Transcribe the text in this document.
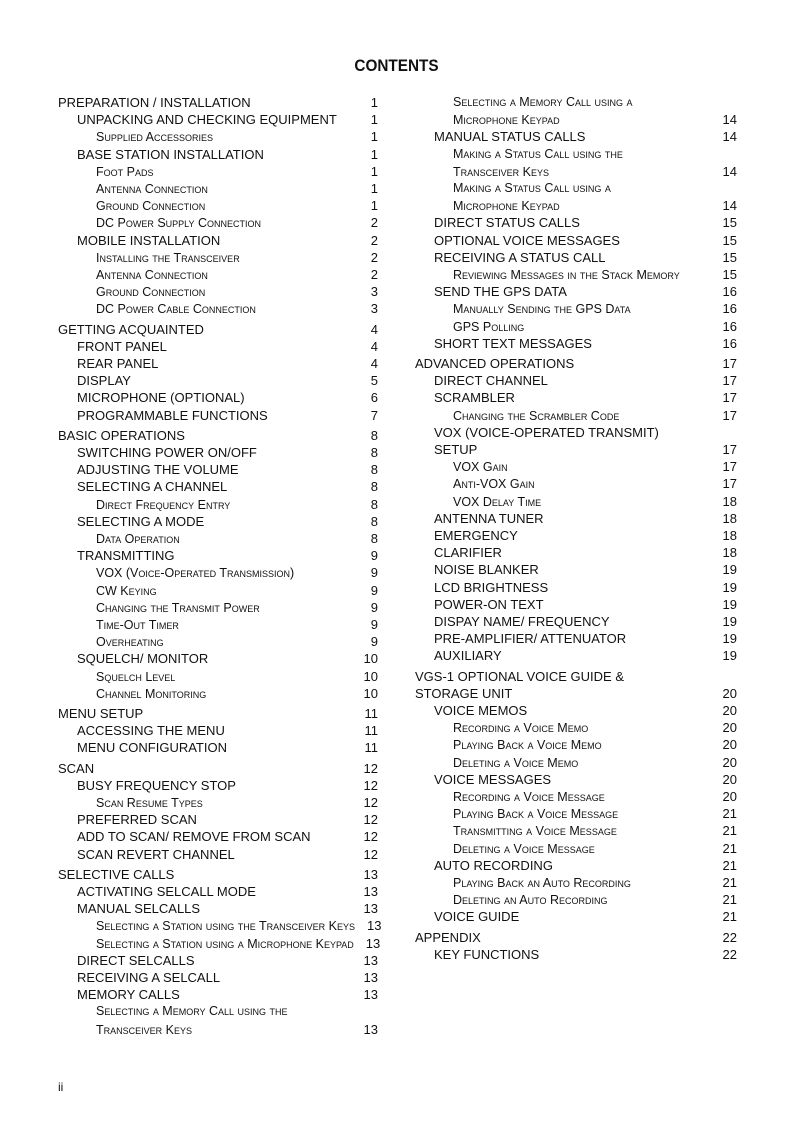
CONTENTS
PREPARATION / INSTALLATION	1
UNPACKING AND CHECKING EQUIPMENT	1
Supplied Accessories	1
BASE STATION INSTALLATION	1
Foot Pads	1
Antenna Connection	1
Ground Connection	1
DC Power Supply Connection	2
MOBILE INSTALLATION	2
Installing the Transceiver	2
Antenna Connection	2
Ground Connection	3
DC Power Cable Connection	3
GETTING ACQUAINTED	4
FRONT PANEL	4
REAR PANEL	4
DISPLAY	5
MICROPHONE (OPTIONAL)	6
PROGRAMMABLE FUNCTIONS	7
BASIC OPERATIONS	8
SWITCHING POWER ON/OFF	8
ADJUSTING THE VOLUME	8
SELECTING A CHANNEL	8
Direct Frequency Entry	8
SELECTING A MODE	8
Data Operation	8
TRANSMITTING	9
VOX (Voice-Operated Transmission)	9
CW Keying	9
Changing the Transmit Power	9
Time-Out Timer	9
Overheating	9
SQUELCH/ MONITOR	10
Squelch Level	10
Channel Monitoring	10
MENU SETUP	11
ACCESSING THE MENU	11
MENU CONFIGURATION	11
SCAN	12
BUSY FREQUENCY STOP	12
Scan Resume Types	12
PREFERRED SCAN	12
ADD TO SCAN/ REMOVE FROM SCAN	12
SCAN REVERT CHANNEL	12
SELECTIVE CALLS	13
ACTIVATING SELCALL MODE	13
MANUAL SELCALLS	13
Selecting a Station using the Transceiver Keys 13
Selecting a Station using a Microphone Keypad 13
DIRECT SELCALLS	13
RECEIVING A SELCALL	13
MEMORY CALLS	13
Selecting a Memory Call using the
Transceiver Keys	13
Selecting a Memory Call using a
Microphone Keypad	14
MANUAL STATUS CALLS	14
Making a Status Call using the
Transceiver Keys	14
Making a Status Call using a
Microphone Keypad	14
DIRECT STATUS CALLS	15
OPTIONAL VOICE MESSAGES	15
RECEIVING A STATUS CALL	15
Reviewing Messages in the Stack Memory	15
SEND THE GPS DATA	16
Manually Sending the GPS Data	16
GPS Polling	16
SHORT TEXT MESSAGES	16
ADVANCED OPERATIONS	17
DIRECT CHANNEL	17
SCRAMBLER	17
Changing the Scrambler Code	17
VOX (VOICE-OPERATED TRANSMIT)
SETUP	17
VOX Gain	17
Anti-VOX Gain	17
VOX Delay Time	18
ANTENNA TUNER	18
EMERGENCY	18
CLARIFIER	18
NOISE BLANKER	19
LCD BRIGHTNESS	19
POWER-ON TEXT	19
DISPAY NAME/ FREQUENCY	19
PRE-AMPLIFIER/ ATTENUATOR	19
AUXILIARY	19
VGS-1 OPTIONAL VOICE GUIDE &
STORAGE UNIT	20
VOICE MEMOS	20
Recording a Voice Memo	20
Playing Back a Voice Memo	20
Deleting a Voice Memo	20
VOICE MESSAGES	20
Recording a Voice Message	20
Playing Back a Voice Message	21
Transmitting a Voice Message	21
Deleting a Voice Message	21
AUTO RECORDING	21
Playing Back an Auto Recording	21
Deleting an Auto Recording	21
VOICE GUIDE	21
APPENDIX	22
KEY FUNCTIONS	22
ii
